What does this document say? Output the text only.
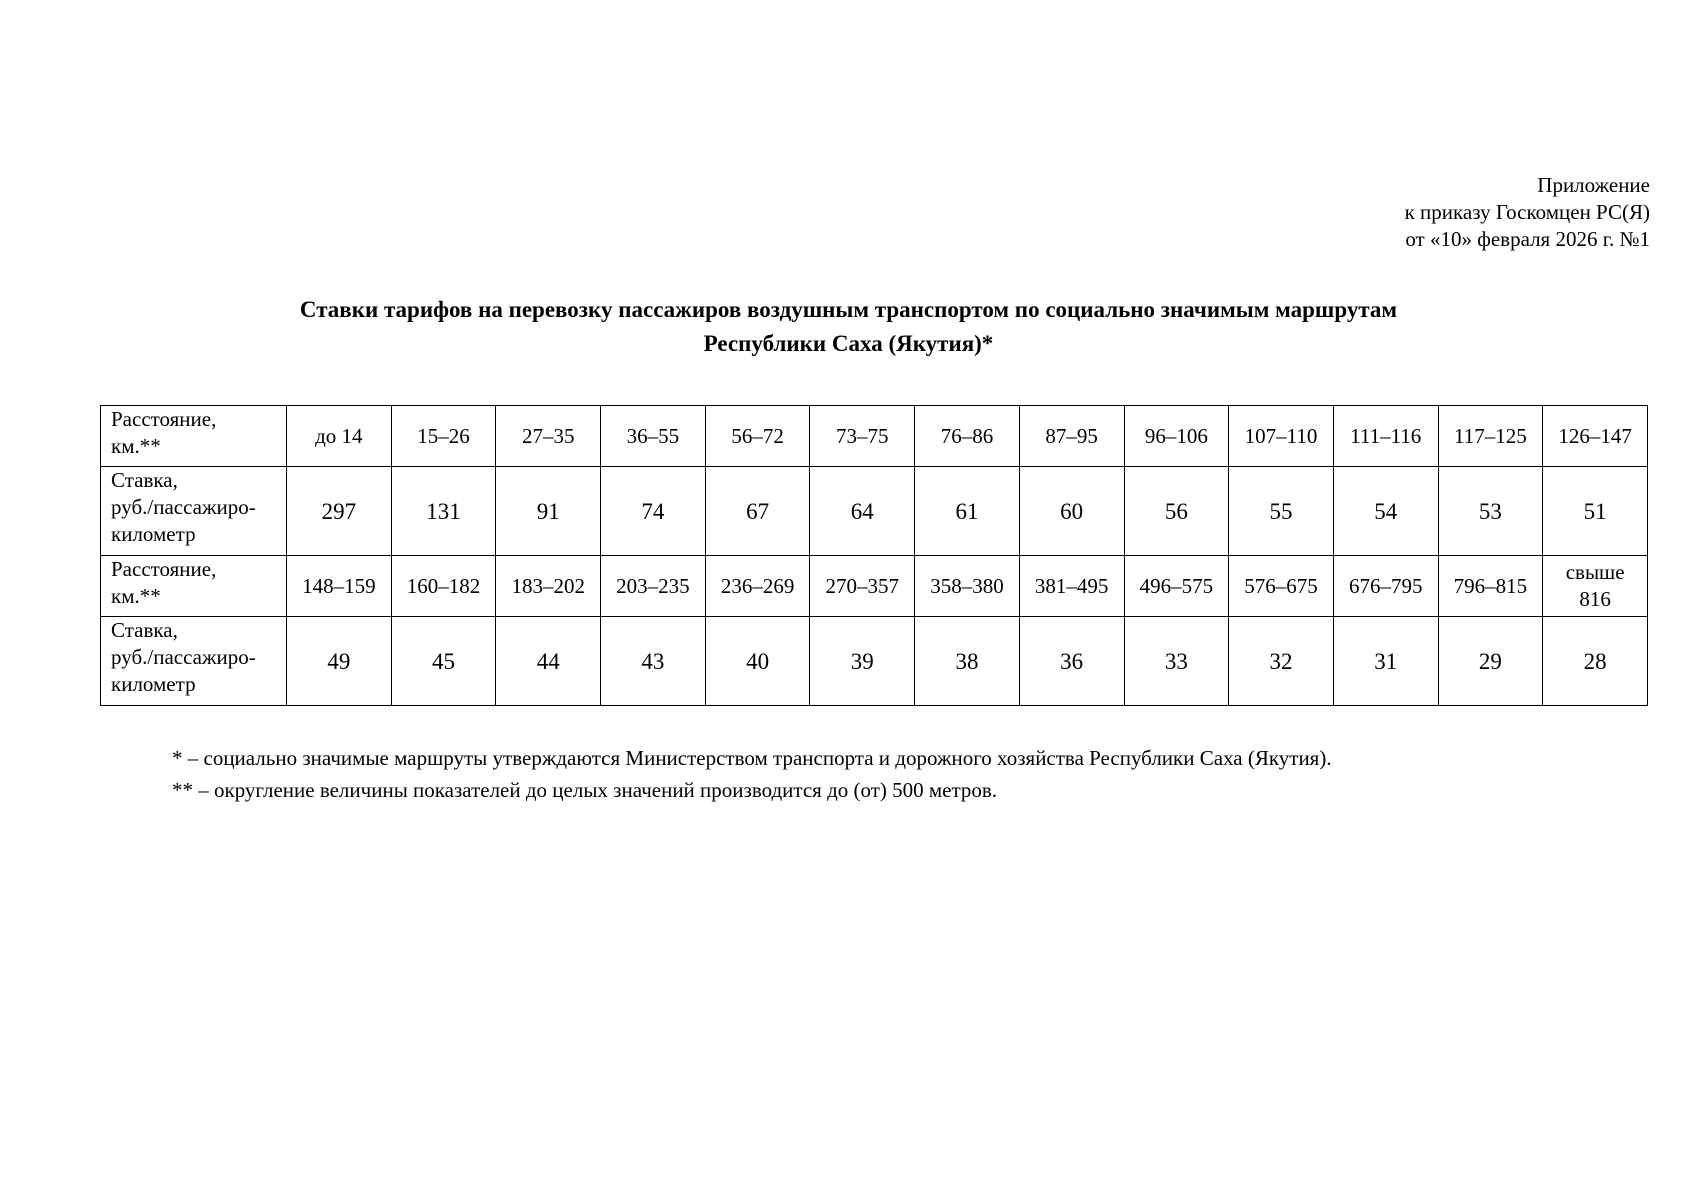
Приложение
к приказу Госкомцен РС(Я)
от «10» февраля 2026 г. №1
Ставки тарифов на перевозку пассажиров воздушным транспортом по социально значимым маршрутам
Республики Саха (Якутия)*
Расстояние,
км.**	до 14	15–26	27–35	36–55	56–72	73–75	76–86	87–95	96–106	107–110	111–116	117–125	126–147

Ставка,
руб./пассажиро-
километр	297	131	91	74	67	64	61	60	56	55	54	53	51

Расстояние,
км.**	148–159	160–182	183–202	203–235	236–269	270–357	358–380	381–495	496–575	576–675	676–795	796–815	свыше
816

Ставка,
руб./пассажиро-
километр	49	45	44	43	40	39	38	36	33	32	31	29	28
* – социально значимые маршруты утверждаются Министерством транспорта и дорожного хозяйства Республики Саха (Якутия).
** – округление величины показателей до целых значений производится до (от) 500 метров.
